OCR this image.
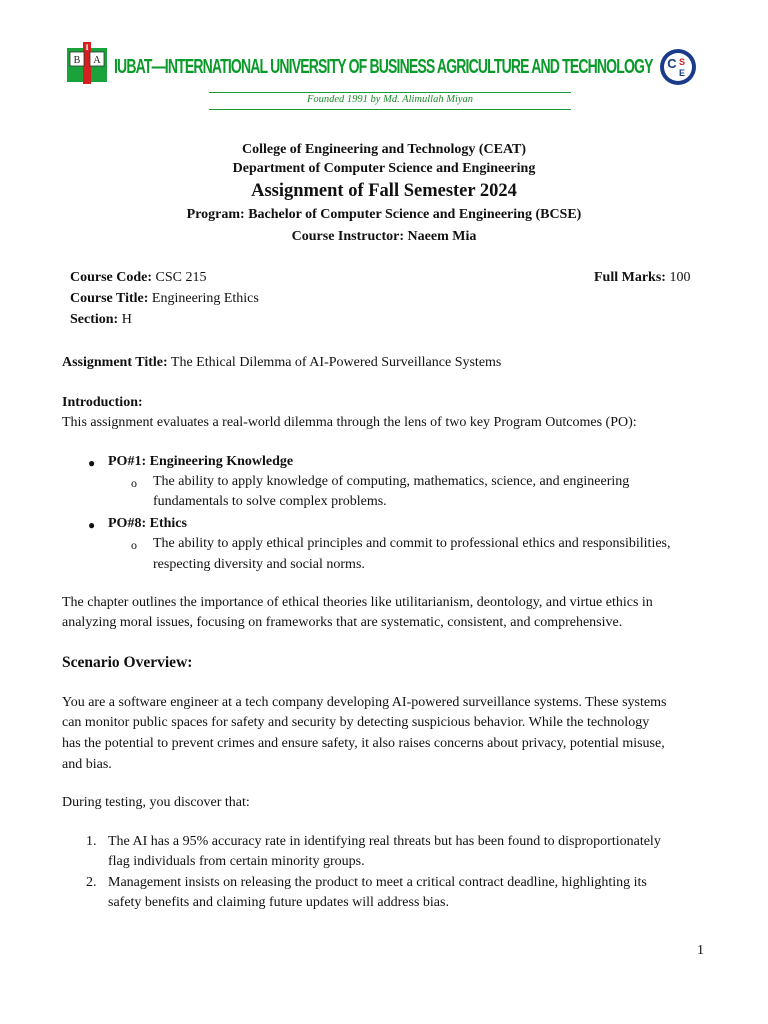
I
B A IUBAT—INTERNATIONAL UNIVERSITY OF BUSINESS AGRICULTURE AND TECHNOLOGY C S
E
Founded 1991 by Md. Alimullah Miyan
College of Engineering and Technology (CEAT)
Department of Computer Science and Engineering
Assignment of Fall Semester 2024
Program: Bachelor of Computer Science and Engineering (BCSE)
Course Instructor: Naeem Mia
Course Code: CSC 215	Full Marks: 100
Course Title: Engineering Ethics
Section: H
Assignment Title: The Ethical Dilemma of AI-Powered Surveillance Systems
Introduction:
This assignment evaluates a real-world dilemma through the lens of two key Program Outcomes (PO):
● PO#1: Engineering Knowledge
o The ability to apply knowledge of computing, mathematics, science, and engineering
fundamentals to solve complex problems.
● PO#8: Ethics
o The ability to apply ethical principles and commit to professional ethics and responsibilities,
respecting diversity and social norms.
The chapter outlines the importance of ethical theories like utilitarianism, deontology, and virtue ethics in
analyzing moral issues, focusing on frameworks that are systematic, consistent, and comprehensive.
Scenario Overview:
You are a software engineer at a tech company developing AI-powered surveillance systems. These systems
can monitor public spaces for safety and security by detecting suspicious behavior. While the technology
has the potential to prevent crimes and ensure safety, it also raises concerns about privacy, potential misuse,
and bias.
During testing, you discover that:
1. The AI has a 95% accuracy rate in identifying real threats but has been found to disproportionately
flag individuals from certain minority groups.
2. Management insists on releasing the product to meet a critical contract deadline, highlighting its
safety benefits and claiming future updates will address bias.
1
